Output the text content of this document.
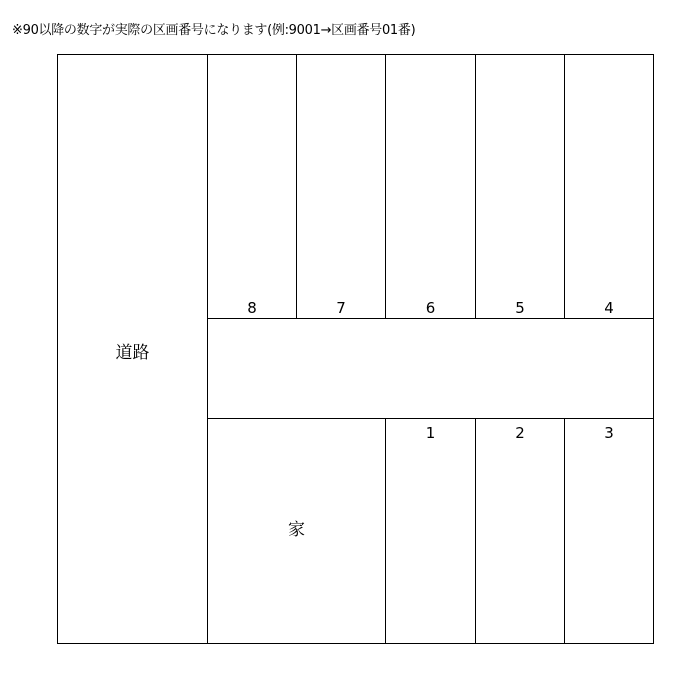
※90以降の数字が実際の区画番号になります(例:9001→区画番号01番)
道路
8	7	6	5	4
家
1	2	3
